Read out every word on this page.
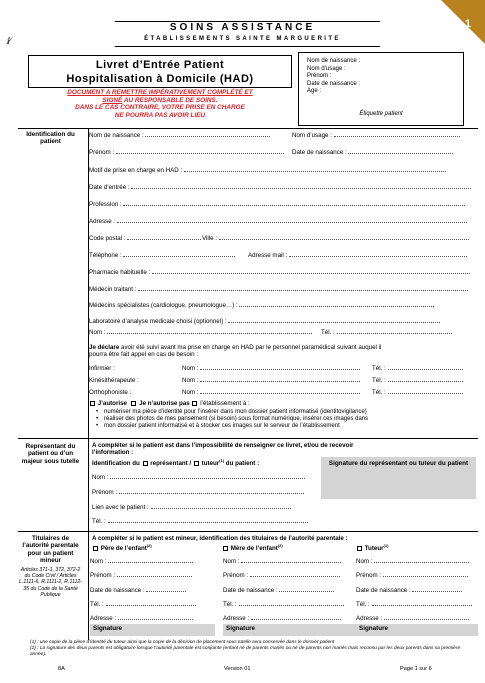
1
SOINS ASSISTANCE
ÉTABLISSEMENTS SAINTE MARGUERITE
ℹ⁄
Livret d’Entrée Patient
Hospitalisation à Domicile (HAD)
DOCUMENT A REMETTRE IMPÉRATIVEMENT COMPLÉTÉ ET
SIGNÉ AU RESPONSABLE DE SOINS.
DANS LE CAS CONTRAIRE, VOTRE PRISE EN CHARGE
NE POURRA PAS AVOIR LIEU
Nom de naissance :
Nom d’usage :
Prénom :
Date de naissance :
Age :
Étiquette patient
Identification du patient
Nom de naissance :	Nom d’usage :
Prénom :	Date de naissance :
Motif de prise en charge en HAD :
Date d’entrée :
Profession :
Adresse :
Code postal :	Ville :
Téléphone :	Adresse mail :
Pharmacie habituelle :
Médecin traitant :
Médecins spécialistes (cardiologue, pneumologue…) :
Laboratoire d’analyse médicale choisi (optionnel) :
Nom :	Tél. :
Je déclare avoir été suivi avant ma prise en charge en HAD par le personnel paramédical suivant auquel il
pourra être fait appel en cas de besoin :
Infirmier :	Nom :	Tél. :
Kinésithérapeute :	Nom :	Tél. :
Orthophoniste :	Nom :	Tél. :
J’autorise Je n’autorise pas l’établissement à :
• numériser ma pièce d’identité pour l’insérer dans mon dossier patient informatisé (identitovigilance)
• réaliser des photos de mes pansement (si besoin) sous format numérique, insérer ces images dans
• mon dossier patient informatisé et à stocker ces images sur le serveur de l’établissement
Représentant du patient ou d’un majeur sous tutelle
A compléter si le patient est dans l’impossibilité de renseigner ce livret, et/ou de recevoir
l’information :
Identification du représentant / tuteur$^{(1)}$ du patient :	Signature du représentant ou tuteur du patient
Nom :
Prénom :
Lien avec le patient :
Tél. :
Titulaires de l’autorité parentale pour un patient mineur
Articles 371-1, 372, 372-2 du Code Civil / Articles L.1111-6, R.1111-2, R.1112-35 du Code de la Santé Publique
A compléter si le patient est mineur, identification des titulaires de l’autorité parentale :
Père de l’enfant$^{(2)}$
Nom :
Prénom :
Date de naissance :
Tél. :
Adresse :
Signature
Mère de l’enfant$^{(2)}$
Nom :
Prénom :
Date de naissance :
Tél. :
Adresse :
Signature
Tuteur$^{(1)}$
Nom :
Prénom :
Date de naissance :
Tél. :
Adresse :
Signature
(1) : une copie de la pièce d’identité du tuteur ainsi que la copie de la décision de placement sous tutelle sera conservée dans le dossier patient
(2) : La signature des deux parents est obligatoire lorsque l’autorité parentale est conjointe (enfant né de parents mariés ou né de parents non mariés mais reconnu par les deux parents dans sa première année).
8A	Version 01	Page 1 sur 6
